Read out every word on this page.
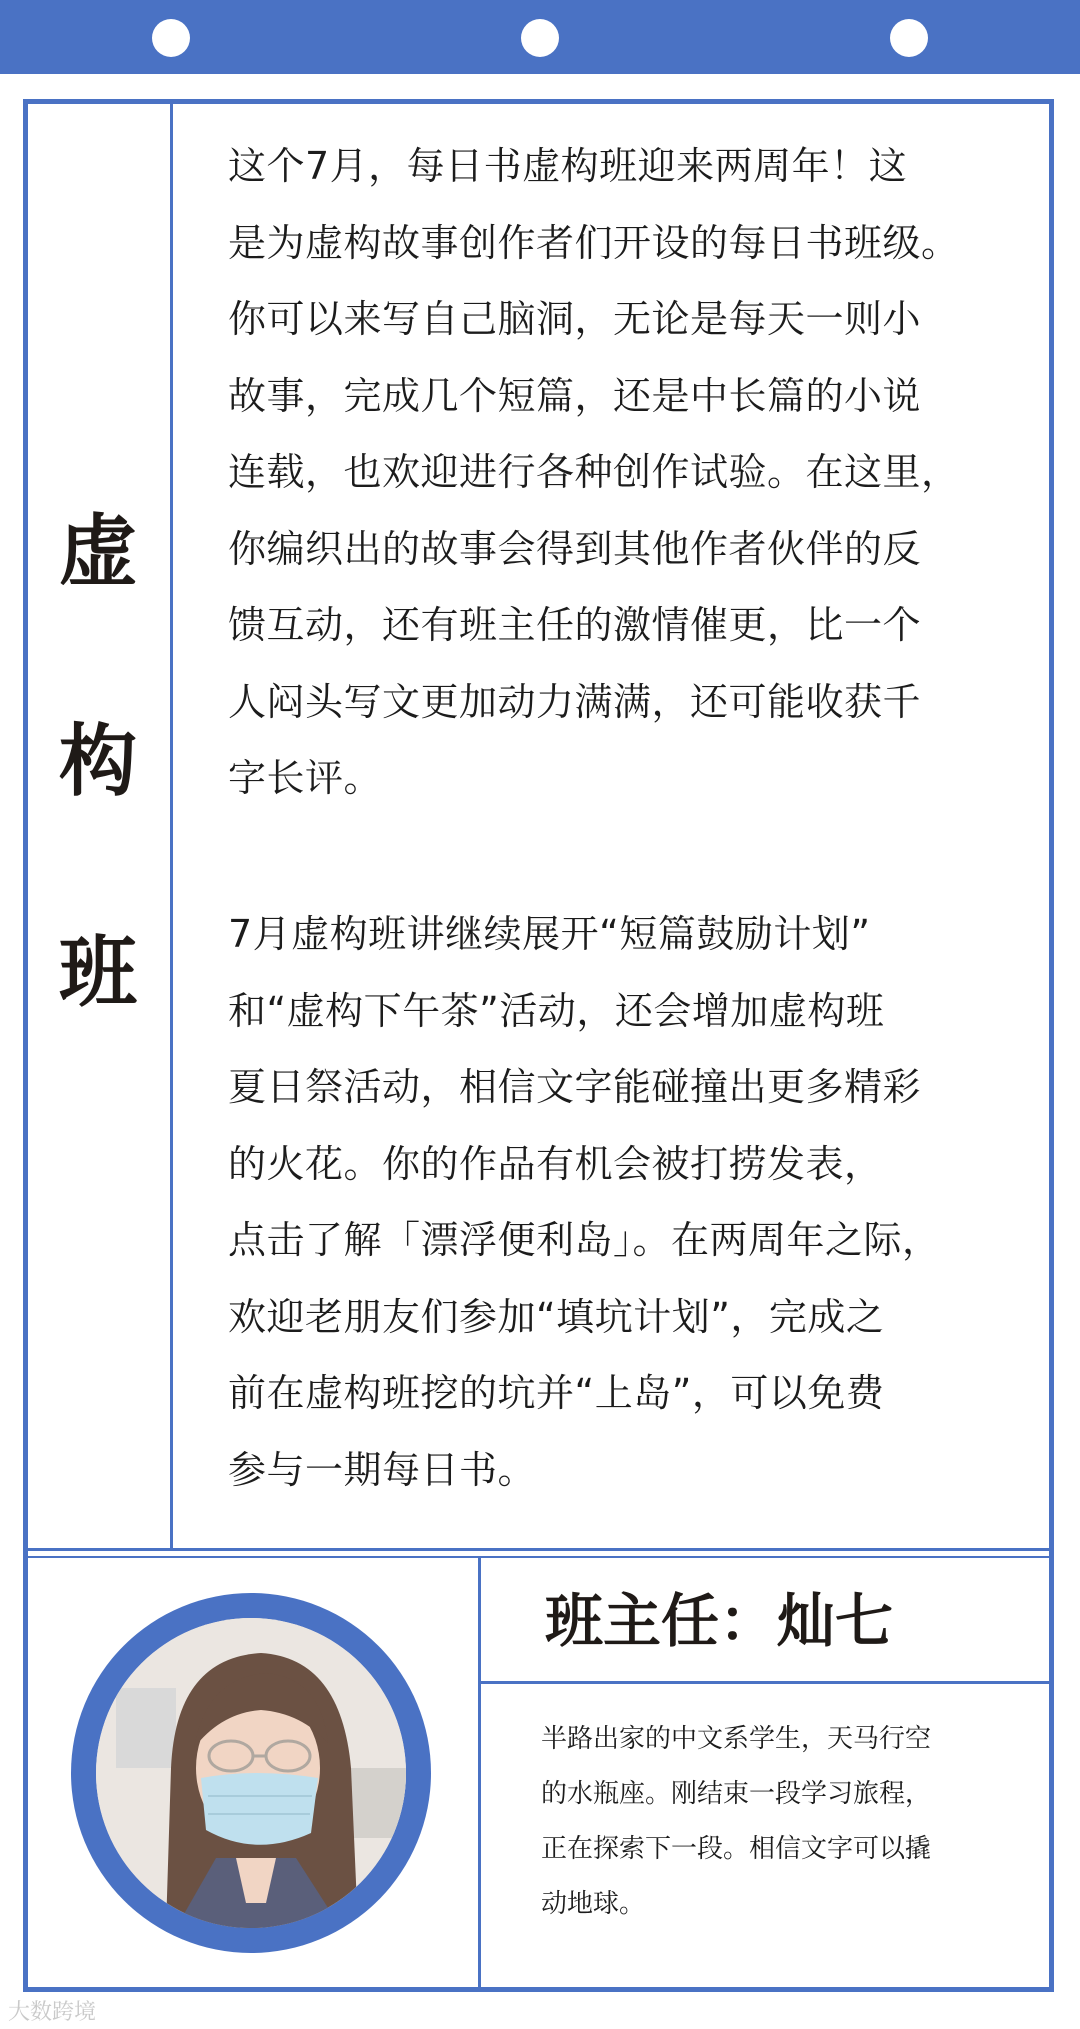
虚
构
班

这个7月，每日书虚构班迎来两周年！这
是为虚构故事创作者们开设的每日书班级。
你可以来写自己脑洞，无论是每天一则小
故事，完成几个短篇，还是中长篇的小说
连载，也欢迎进行各种创作试验。在这里，
你编织出的故事会得到其他作者伙伴的反
馈互动，还有班主任的激情催更，比一个
人闷头写文更加动力满满，还可能收获千
字长评。

7月虚构班讲继续展开“短篇鼓励计划”
和“虚构下午茶”活动，还会增加虚构班
夏日祭活动，相信文字能碰撞出更多精彩
的火花。你的作品有机会被打捞发表，
点击了解「漂浮便利岛」。在两周年之际，
欢迎老朋友们参加“填坑计划”，完成之
前在虚构班挖的坑并“上岛”，可以免费
参与一期每日书。

班主任：灿七
半路出家的中文系学生，天马行空
的水瓶座。刚结束一段学习旅程，
正在探索下一段。相信文字可以撬
动地球。
大数跨境
